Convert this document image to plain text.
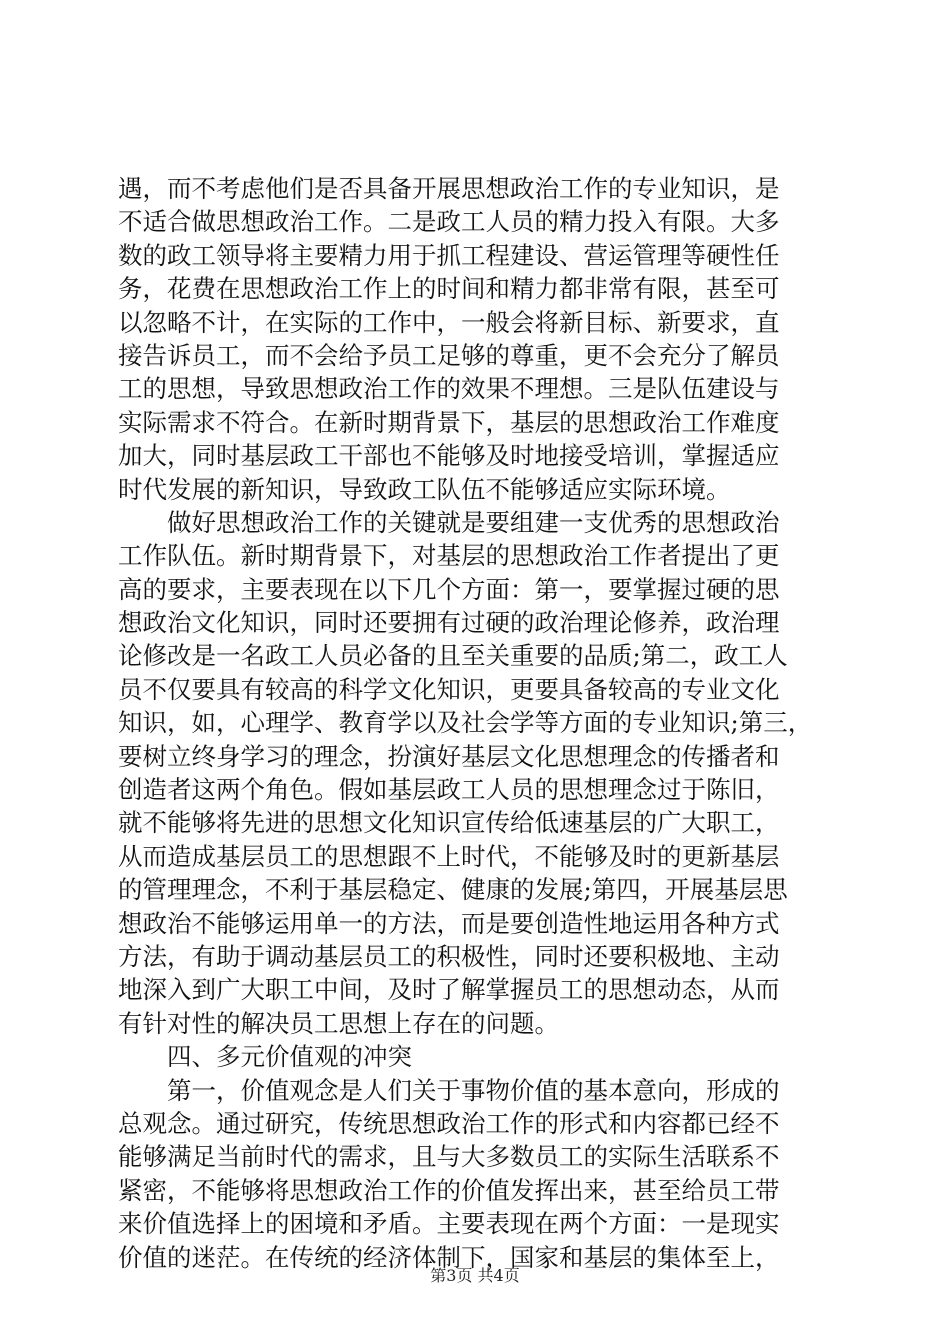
遇，而不考虑他们是否具备开展思想政治工作的专业知识，是
不适合做思想政治工作。二是政工人员的精力投入有限。大多
数的政工领导将主要精力用于抓工程建设、营运管理等硬性任
务，花费在思想政治工作上的时间和精力都非常有限，甚至可
以忽略不计，在实际的工作中，一般会将新目标、新要求，直
接告诉员工，而不会给予员工足够的尊重，更不会充分了解员
工的思想，导致思想政治工作的效果不理想。三是队伍建设与
实际需求不符合。在新时期背景下，基层的思想政治工作难度
加大，同时基层政工干部也不能够及时地接受培训，掌握适应
时代发展的新知识，导致政工队伍不能够适应实际环境。
　　做好思想政治工作的关键就是要组建一支优秀的思想政治
工作队伍。新时期背景下，对基层的思想政治工作者提出了更
高的要求，主要表现在以下几个方面：第一，要掌握过硬的思
想政治文化知识，同时还要拥有过硬的政治理论修养，政治理
论修改是一名政工人员必备的且至关重要的品质;第二，政工人
员不仅要具有较高的科学文化知识，更要具备较高的专业文化
知识，如，心理学、教育学以及社会学等方面的专业知识;第三，
要树立终身学习的理念，扮演好基层文化思想理念的传播者和
创造者这两个角色。假如基层政工人员的思想理念过于陈旧，
就不能够将先进的思想文化知识宣传给低速基层的广大职工，
从而造成基层员工的思想跟不上时代，不能够及时的更新基层
的管理理念，不利于基层稳定、健康的发展;第四，开展基层思
想政治不能够运用单一的方法，而是要创造性地运用各种方式
方法，有助于调动基层员工的积极性，同时还要积极地、主动
地深入到广大职工中间，及时了解掌握员工的思想动态，从而
有针对性的解决员工思想上存在的问题。
　　四、多元价值观的冲突
　　第一，价值观念是人们关于事物价值的基本意向，形成的
总观念。通过研究，传统思想政治工作的形式和内容都已经不
能够满足当前时代的需求，且与大多数员工的实际生活联系不
紧密，不能够将思想政治工作的价值发挥出来，甚至给员工带
来价值选择上的困境和矛盾。主要表现在两个方面：一是现实
价值的迷茫。在传统的经济体制下，国家和基层的集体至上，
第3页 共4页
